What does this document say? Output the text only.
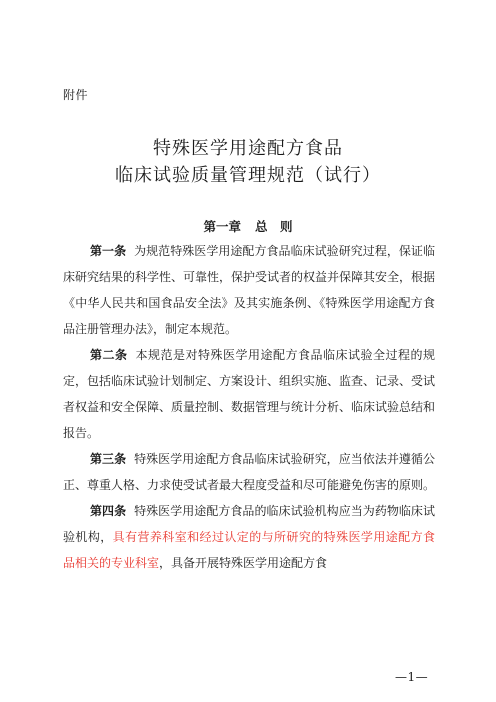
附件
特殊医学用途配方食品
临床试验质量管理规范（试行）
第一章 总　则

第一条 为规范特殊医学用途配方食品临床试验研究过程，保证临床研究结果的科学性、可靠性，保护受试者的权益并保障其安全，根据《中华人民共和国食品安全法》及其实施条例、《特殊医学用途配方食品注册管理办法》，制定本规范。

第二条 本规范是对特殊医学用途配方食品临床试验全过程的规定，包括临床试验计划制定、方案设计、组织实施、监查、记录、受试者权益和安全保障、质量控制、数据管理与统计分析、临床试验总结和报告。

第三条 特殊医学用途配方食品临床试验研究，应当依法并遵循公正、尊重人格、力求使受试者最大程度受益和尽可能避免伤害的原则。

第四条 特殊医学用途配方食品的临床试验机构应当为药物临床试验机构，具有营养科室和经过认定的与所研究的特殊医学用途配方食品相关的专业科室，具备开展特殊医学用途配方食

—1—
